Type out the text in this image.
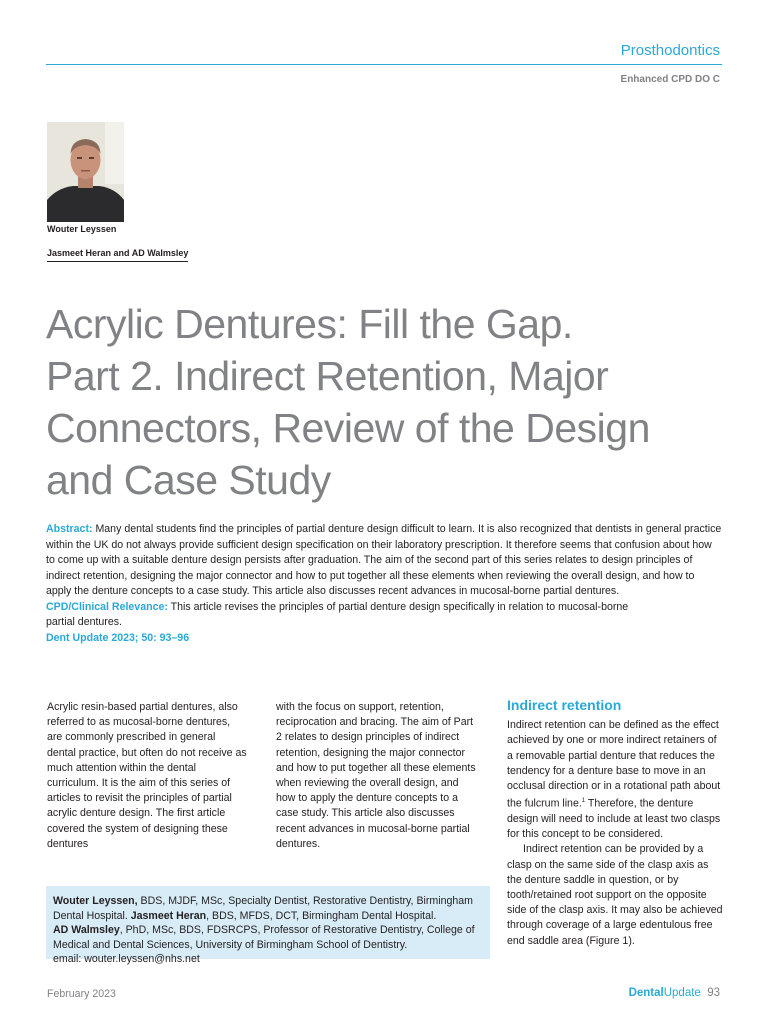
Prosthodontics
Enhanced CPD DO C
Wouter Leyssen
Jasmeet Heran and AD Walmsley
Acrylic Dentures: Fill the Gap.
Part 2. Indirect Retention, Major
Connectors, Review of the Design
and Case Study

Abstract: Many dental students find the principles of partial denture design difficult to learn. It is also recognized that dentists in general practice within the UK do not always provide sufficient design specification on their laboratory prescription. It therefore seems that confusion about how to come up with a suitable denture design persists after graduation. The aim of the second part of this series relates to design principles of indirect retention, designing the major connector and how to put together all these elements when reviewing the overall design, and how to apply the denture concepts to a case study. This article also discusses recent advances in mucosal-borne partial dentures.

CPD/Clinical Relevance: This article revises the principles of partial denture design specifically in relation to mucosal-borne partial dentures.

Dent Update 2023; 50: 93–96

Acrylic resin-based partial dentures, also referred to as mucosal-borne dentures, are commonly prescribed in general dental practice, but often do not receive as much attention within the dental curriculum. It is the aim of this series of articles to revisit the principles of partial acrylic denture design. The first article covered the system of designing these dentures

with the focus on support, retention, reciprocation and bracing. The aim of Part 2 relates to design principles of indirect retention, designing the major connector and how to put together all these elements when reviewing the overall design, and how to apply the denture concepts to a case study. This article also discusses recent advances in mucosal-borne partial dentures.

Indirect retention

Indirect retention can be defined as the effect achieved by one or more indirect retainers of a removable partial denture that reduces the tendency for a denture base to move in an occlusal direction or in a rotational path about the fulcrum line.$^1$ Therefore, the denture design will need to include at least two clasps for this concept to be considered.

Indirect retention can be provided by a clasp on the same side of the clasp axis as the denture saddle in question, or by tooth/retained root support on the opposite side of the clasp axis. It may also be achieved through coverage of a large edentulous free end saddle area (Figure 1).

Wouter Leyssen, BDS, MJDF, MSc, Specialty Dentist, Restorative Dentistry, Birmingham Dental Hospital. Jasmeet Heran, BDS, MFDS, DCT, Birmingham Dental Hospital.
AD Walmsley, PhD, MSc, BDS, FDSRCPS, Professor of Restorative Dentistry, College of Medical and Dental Sciences, University of Birmingham School of Dentistry.
email: wouter.leyssen@nhs.net
February 2023	DentalUpdate 93
